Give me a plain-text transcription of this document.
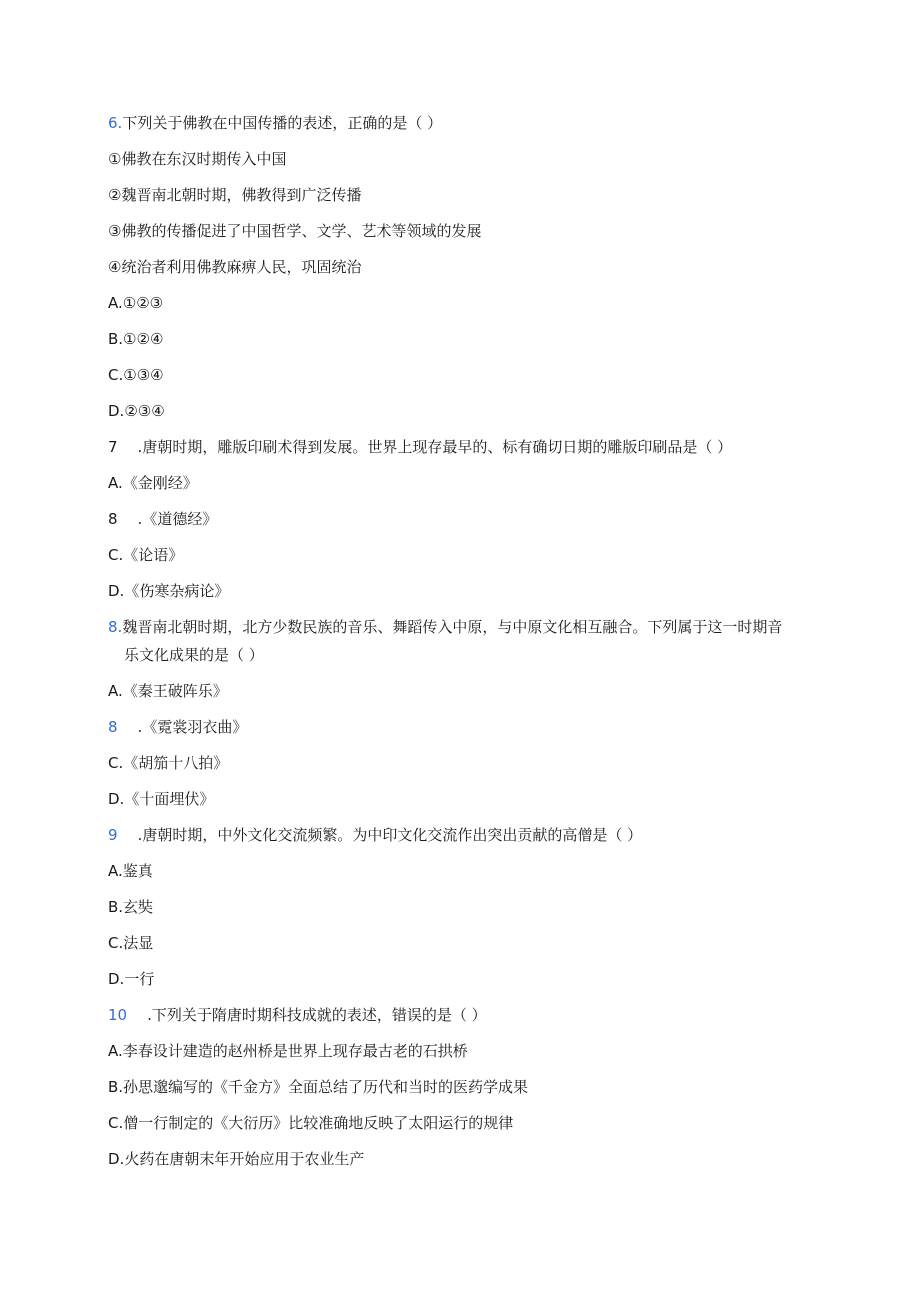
6.下列关于佛教在中国传播的表述，正确的是（ ）
①佛教在东汉时期传入中国
②魏晋南北朝时期，佛教得到广泛传播
③佛教的传播促进了中国哲学、文学、艺术等领域的发展
④统治者利用佛教麻痹人民，巩固统治
A.①②③
B.①②④
C.①③④
D.②③④
7 .唐朝时期，雕版印刷术得到发展。世界上现存最早的、标有确切日期的雕版印刷品是（ ）
A.《金刚经》
8 .《道德经》
C.《论语》
D.《伤寒杂病论》
8.魏晋南北朝时期，北方少数民族的音乐、舞蹈传入中原，与中原文化相互融合。下列属于这一时期音
乐文化成果的是（ ）
A.《秦王破阵乐》
8 .《霓裳羽衣曲》
C.《胡笳十八拍》
D.《十面埋伏》
9 .唐朝时期，中外文化交流频繁。为中印文化交流作出突出贡献的高僧是（ ）
A.鉴真
B.玄奘
C.法显
D.一行
10 .下列关于隋唐时期科技成就的表述，错误的是（ ）
A.李春设计建造的赵州桥是世界上现存最古老的石拱桥
B.孙思邈编写的《千金方》全面总结了历代和当时的医药学成果
C.僧一行制定的《大衍历》比较准确地反映了太阳运行的规律
D.火药在唐朝末年开始应用于农业生产
